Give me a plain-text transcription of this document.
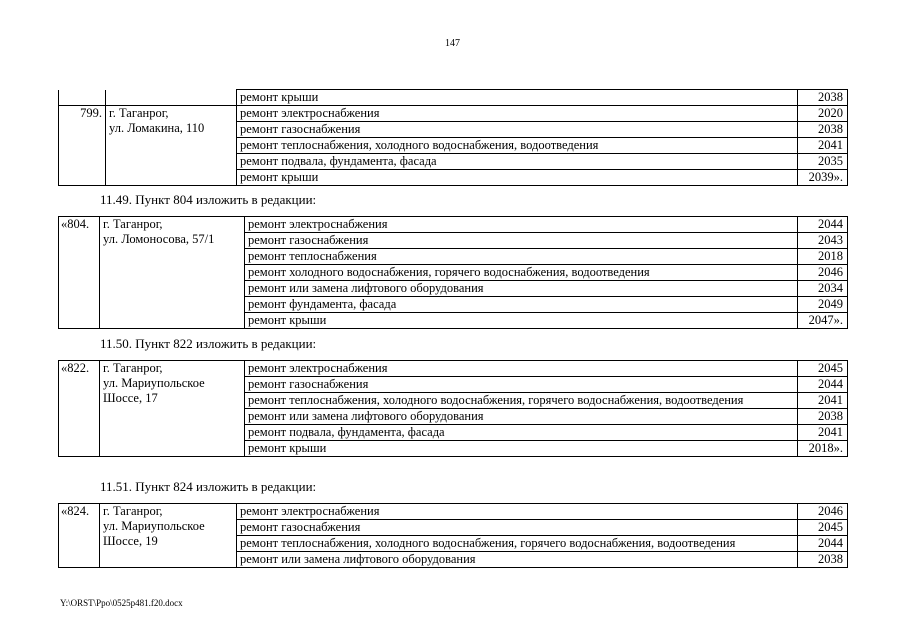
147
		ремонт крыши	2038
799.	г. Таганрог,
ул. Ломакина, 110	ремонт электроснабжения	2020
		ремонт газоснабжения	2038
		ремонт теплоснабжения, холодного водоснабжения, водоотведения	2041
		ремонт подвала, фундамента, фасада	2035
		ремонт крыши	2039».
11.49. Пункт 804 изложить в редакции:
«804.	г. Таганрог,
ул. Ломоносова, 57/1	ремонт электроснабжения	2044
		ремонт газоснабжения	2043
		ремонт теплоснабжения	2018
		ремонт холодного водоснабжения, горячего водоснабжения, водоотведения	2046
		ремонт или замена лифтового оборудования	2034
		ремонт фундамента, фасада	2049
		ремонт крыши	2047».
11.50. Пункт 822 изложить в редакции:
«822.	г. Таганрог,
ул. Мариупольское
Шоссе, 17	ремонт электроснабжения	2045
		ремонт газоснабжения	2044
		ремонт теплоснабжения, холодного водоснабжения, горячего водоснабжения, водоотведения	2041
		ремонт или замена лифтового оборудования	2038
		ремонт подвала, фундамента, фасада	2041
		ремонт крыши	2018».
11.51. Пункт 824 изложить в редакции:
«824.	г. Таганрог,
ул. Мариупольское
Шоссе, 19	ремонт электроснабжения	2046
		ремонт газоснабжения	2045
		ремонт теплоснабжения, холодного водоснабжения, горячего водоснабжения, водоотведения	2044
		ремонт или замена лифтового оборудования	2038
Y:\ORST\Ppo\0525p481.f20.docx
